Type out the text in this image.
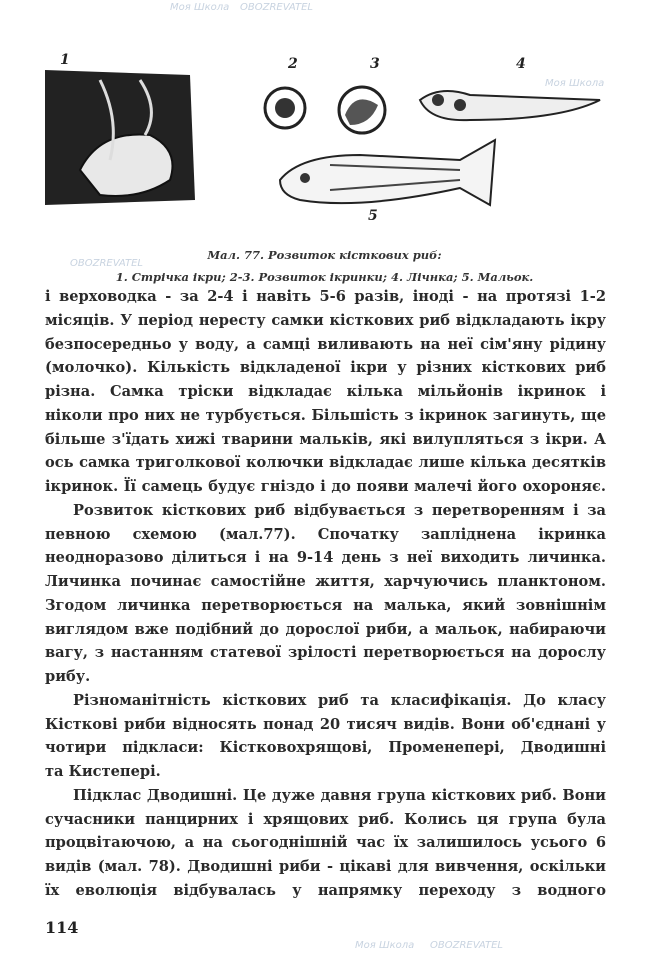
1	2	3	4
5
Мал. 77. Розвиток кісткових риб:
1. Стрічка ікри; 2-3. Розвиток ікринки; 4. Лічнка; 5. Мальок.
і верховодка - за 2-4 і навіть 5-6 разів, іноді - на протязі 1-2
місяців. У період нересту самки кісткових риб відкладають ікру
безпосередньо у воду, а самці виливають на неї сім'яну рідину
(молочко). Кількість відкладеної ікри у різних кісткових риб
різна. Самка тріски відкладає кілька мільйонів ікринок і
ніколи про них не турбується. Більшість з ікринок загинуть, ще
більше з'їдать хижі тварини мальків, які вилупляться з ікри. А
ось самка триголкової колючки відкладає лише кілька десятків
ікринок. Її самець будує гніздо і до появи малечі його охороняє.
Розвиток кісткових риб відбувається з перетворенням і за
певною схемою (мал.77). Спочатку запліднена ікринка
неодноразово ділиться і на 9-14 день з неї виходить личинка.
Личинка починає самостійне життя, харчуючись планктоном.
Згодом личинка перетворюється на малька, який зовнішнім
виглядом вже подібний до дорослої риби, а мальок, набираючи
вагу, з настанням статевої зрілості перетворюється на дорослу
рибу.
Різноманітність кісткових риб та класифікація. До класу
Кісткові риби відносять понад 20 тисяч видів. Вони об'єднані у
чотири підкласи: Кістковохрящові, Променепері, Дводишні
та Кистепері.
Підклас Дводишні. Це дуже давня група кісткових риб. Вони
сучасники панцирних і хрящових риб. Колись ця група була
процвітаючою, а на сьогоднішній час їх залишилось усього 6
видів (мал. 78). Дводишні риби - цікаві для вивчення, оскільки
їх еволюція відбувалась у напрямку переходу з водного
114
Моя Школа OBOZREVATEL
Моя Школа
OBOZREVATEL
Моя Школа OBOZREVATEL
